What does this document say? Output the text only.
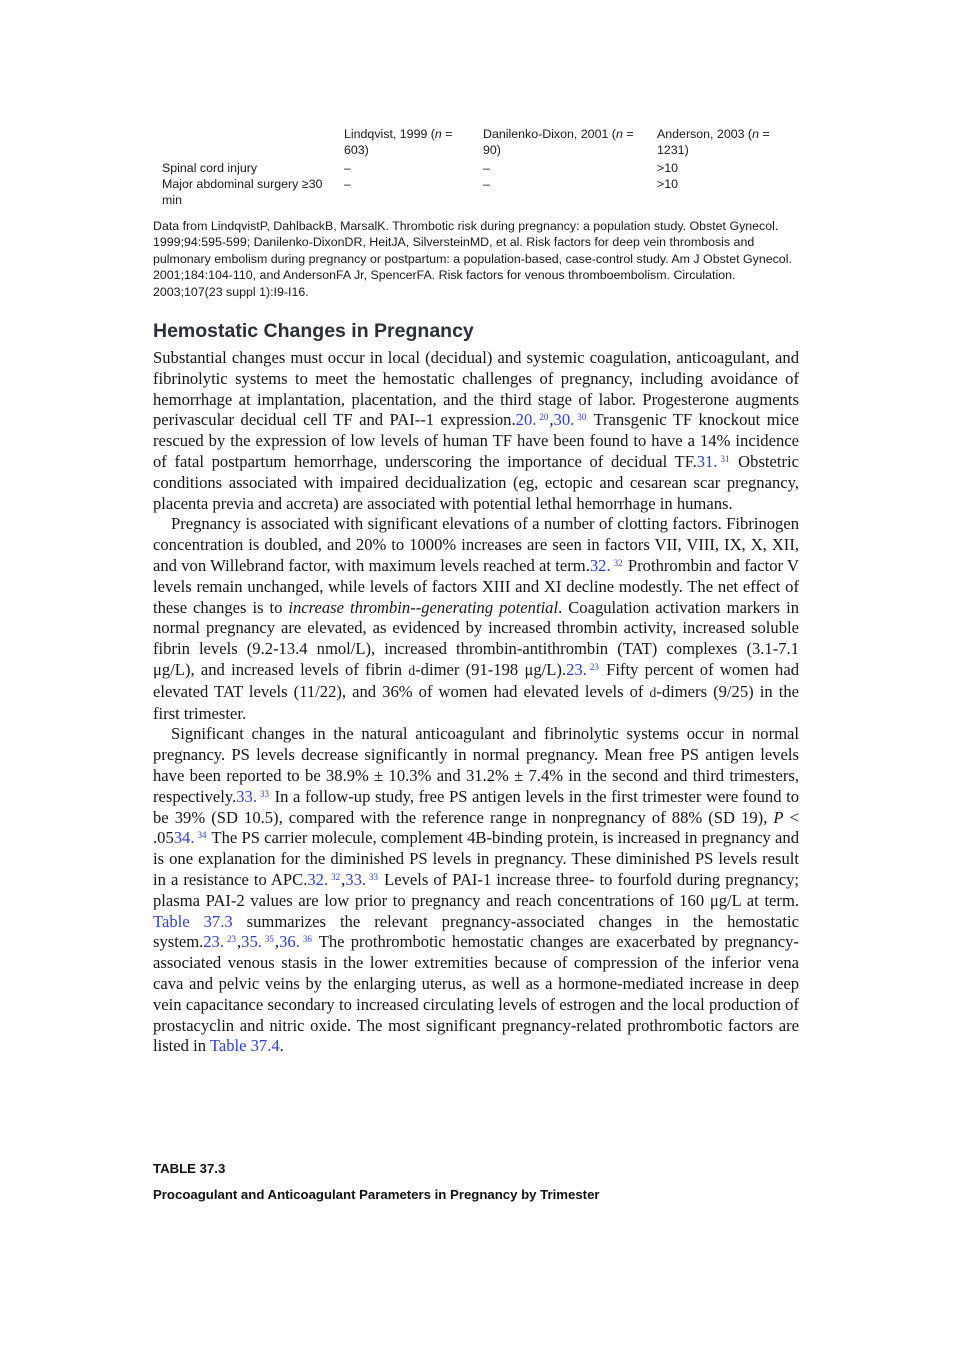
	Lindqvist, 1999 (n = 603)	Danilenko-Dixon, 2001 (n = 90)	Anderson, 2003 (n = 1231)
Spinal cord injury	–	–	>10
Major abdominal surgery ≥30 min	–	–	>10

Data from LindqvistP, DahlbackB, MarsalK. Thrombotic risk during pregnancy: a population study. Obstet Gynecol. 1999;94:595-599; Danilenko-DixonDR, HeitJA, SilversteinMD, et al. Risk factors for deep vein thrombosis and pulmonary embolism during pregnancy or postpartum: a population-based, case-control study. Am J Obstet Gynecol. 2001;184:104-110, and AndersonFA Jr, SpencerFA. Risk factors for venous thromboembolism. Circulation. 2003;107(23 suppl 1):I9-I16.

Hemostatic Changes in Pregnancy

Substantial changes must occur in local (decidual) and systemic coagulation, anticoagulant, and fibrinolytic systems to meet the hemostatic challenges of pregnancy, including avoidance of hemorrhage at implantation, placentation, and the third stage of labor. Progesterone augments perivascular decidual cell TF and PAI--1 expression.20. $^{20}$,30. $^{30}$ Transgenic TF knockout mice rescued by the expression of low levels of human TF have been found to have a 14% incidence of fatal postpartum hemorrhage, underscoring the importance of decidual TF.31. $^{31}$ Obstetric conditions associated with impaired decidualization (eg, ectopic and cesarean scar pregnancy, placenta previa and accreta) are associated with potential lethal hemorrhage in humans.

Pregnancy is associated with significant elevations of a number of clotting factors. Fibrinogen concentration is doubled, and 20% to 1000% increases are seen in factors VII, VIII, IX, X, XII, and von Willebrand factor, with maximum levels reached at term.32. $^{32}$ Prothrombin and factor V levels remain unchanged, while levels of factors XIII and XI decline modestly. The net effect of these changes is to increase thrombin--generating potential. Coagulation activation markers in normal pregnancy are elevated, as evidenced by increased thrombin activity, increased soluble fibrin levels (9.2-13.4 nmol/L), increased thrombin-antithrombin (TAT) complexes (3.1-7.1 μg/L), and increased levels of fibrin d-dimer (91-198 μg/L).23. $^{23}$ Fifty percent of women had elevated TAT levels (11/22), and 36% of women had elevated levels of d-dimers (9/25) in the first trimester.

Significant changes in the natural anticoagulant and fibrinolytic systems occur in normal pregnancy. PS levels decrease significantly in normal pregnancy. Mean free PS antigen levels have been reported to be 38.9% ± 10.3% and 31.2% ± 7.4% in the second and third trimesters, respectively.33. $^{33}$ In a follow-up study, free PS antigen levels in the first trimester were found to be 39% (SD 10.5), compared with the reference range in nonpregnancy of 88% (SD 19), P < .0534. $^{34}$ The PS carrier molecule, complement 4B-binding protein, is increased in pregnancy and is one explanation for the diminished PS levels in pregnancy. These diminished PS levels result in a resistance to APC.32. $^{32}$,33. $^{33}$ Levels of PAI-1 increase three- to fourfold during pregnancy; plasma PAI-2 values are low prior to pregnancy and reach concentrations of 160 μg/L at term. Table 37.3 summarizes the relevant pregnancy-associated changes in the hemostatic system.23. $^{23}$,35. $^{35}$,36. $^{36}$ The prothrombotic hemostatic changes are exacerbated by pregnancy-associated venous stasis in the lower extremities because of compression of the inferior vena cava and pelvic veins by the enlarging uterus, as well as a hormone-mediated increase in deep vein capacitance secondary to increased circulating levels of estrogen and the local production of prostacyclin and nitric oxide. The most significant pregnancy-related prothrombotic factors are listed in Table 37.4.

TABLE 37.3
Procoagulant and Anticoagulant Parameters in Pregnancy by Trimester
